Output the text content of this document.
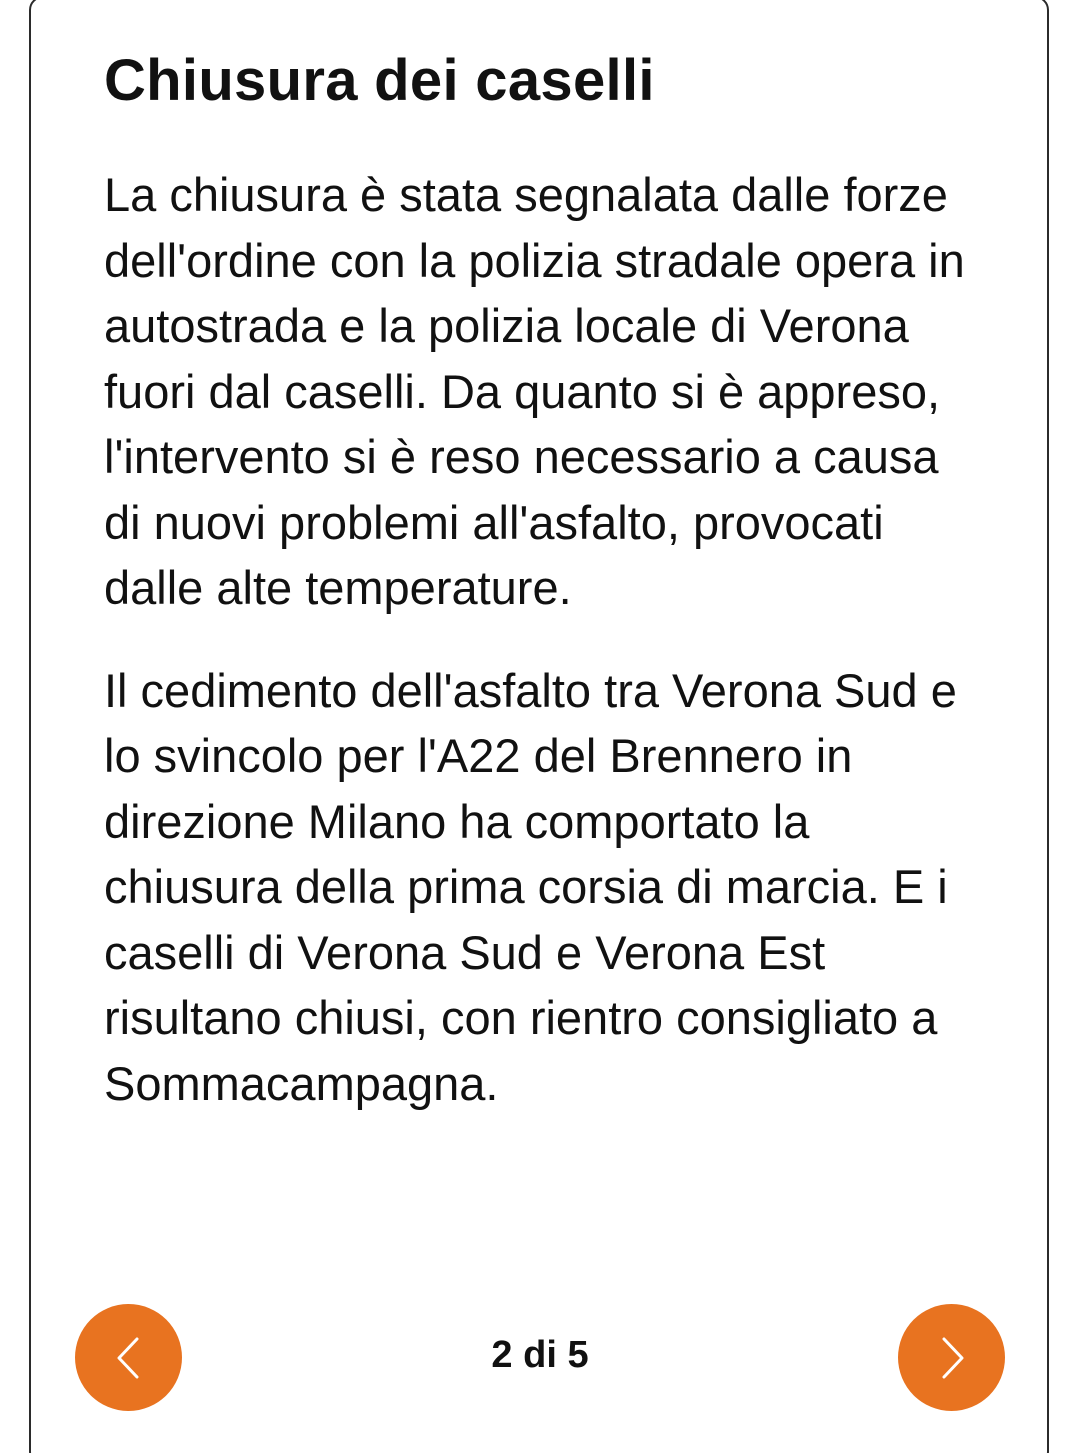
Chiusura dei caselli

La chiusura è stata segnalata dalle forze dell'ordine con la polizia stradale opera in autostrada e la polizia locale di Verona fuori dal caselli. Da quanto si è appreso, l'intervento si è reso necessario a causa di nuovi problemi all'asfalto, provocati dalle alte temperature.

Il cedimento dell'asfalto tra Verona Sud e lo svincolo per l'A22 del Brennero in direzione Milano ha comportato la chiusura della prima corsia di marcia. E i caselli di Verona Sud e Verona Est risultano chiusi, con rientro consigliato a Sommacampagna.

2 di 5
